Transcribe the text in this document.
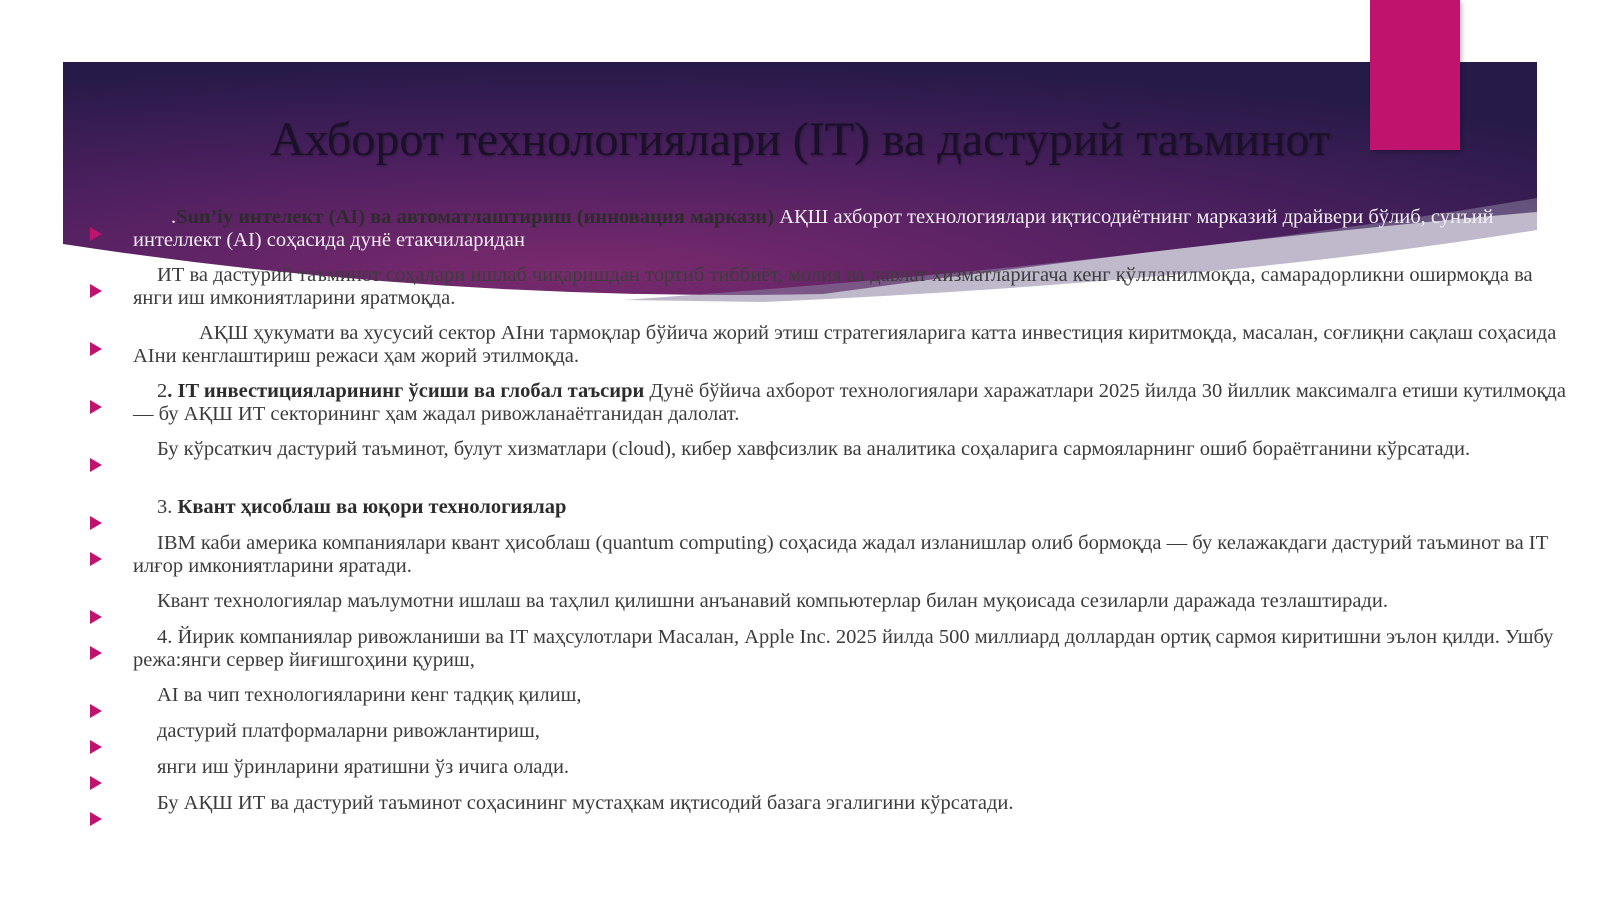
Ахборот технологиялари (IT) ва дастурий таъминот
.Sun’iy интелект (AI) ва автоматлаштириш (инновация маркази) АҚШ ахборот технологиялари иқтисодиётнинг марказий драйвери бўлиб, сунъий интеллект (AI) соҳасида дунё етакчиларидан
ИТ ва дастурий таъминот соҳалари ишлаб чиқаришдан тортиб тиббиёт, молия ва давлат хизматларигача кенг қўлланилмоқда, самарадорликни оширмоқда ва янги иш имкониятларини яратмоқда.
АҚШ ҳукумати ва хусусий сектор AIни тармоқлар бўйича жорий этиш стратегияларига катта инвестиция киритмоқда, масалан, соғлиқни сақлаш соҳасида AIни кенглаштириш режаси ҳам жорий этилмоқда.
2. IT инвестицияларининг ўсиши ва глобал таъсири Дунё бўйича ахборот технологиялари харажатлари 2025 йилда 30 йиллик максималга етиши кутилмоқда — бу АҚШ ИТ секторининг ҳам жадал ривожланаётганидан далолат.
Бу кўрсаткич дастурий таъминот, булут хизматлари (cloud), кибер хавфсизлик ва аналитика соҳаларига сармояларнинг ошиб бораётганини кўрсатади.
3. Квант ҳисоблаш ва юқори технологиялар
IBM каби америка компаниялари квант ҳисоблаш (quantum computing) соҳасида жадал изланишлар олиб бормоқда — бу келажакдаги дастурий таъминот ва IT илғор имкониятларини яратади.
Квант технологиялар маълумотни ишлаш ва таҳлил қилишни анъанавий компьютерлар билан муқоисада сезиларли даражада тезлаштиради.
4. Йирик компаниялар ривожланиши ва IT маҳсулотлари Масалан, Apple Inc. 2025 йилда 500 миллиард доллардан ортиқ сармоя киритишни эълон қилди. Ушбу режа:янги сервер йиғишгоҳини қуриш,
AI ва чип технологияларини кенг тадқиқ қилиш,
дастурий платформаларни ривожлантириш,
янги иш ўринларини яратишни ўз ичига олади.
Бу АҚШ ИТ ва дастурий таъминот соҳасининг мустаҳкам иқтисодий базага эгалигини кўрсатади.
